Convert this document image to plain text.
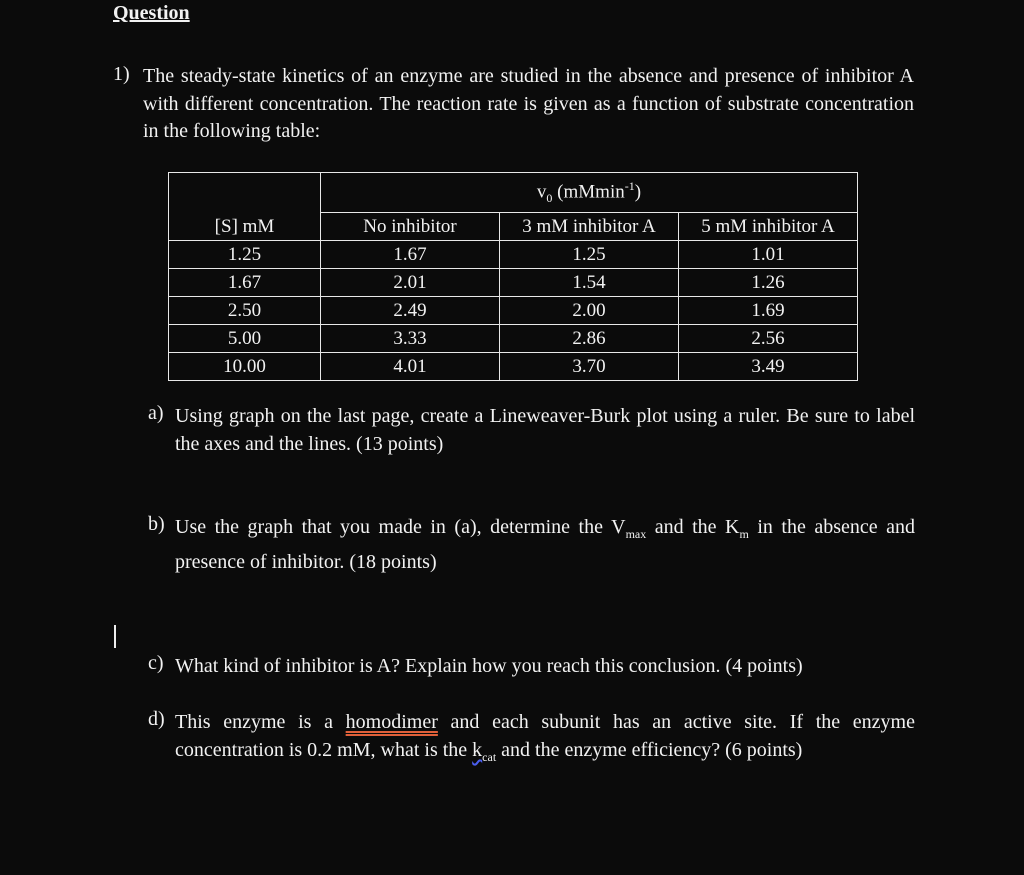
Question
1) The steady-state kinetics of an enzyme are studied in the absence and presence of inhibitor A with different concentration. The reaction rate is given as a function of substrate concentration in the following table:
[S] mM	$v_0$ (mMmin$^{-1}$)		
	No inhibitor	3 mM inhibitor A	5 mM inhibitor A
1.25	1.67	1.25	1.01
1.67	2.01	1.54	1.26
2.50	2.49	2.00	1.69
5.00	3.33	2.86	2.56
10.00	4.01	3.70	3.49
a) Using graph on the last page, create a Lineweaver-Burk plot using a ruler. Be sure to label the axes and the lines. (13 points)
b) Use the graph that you made in (a), determine the $V_{max}$ and the $K_m$ in the absence and presence of inhibitor. (18 points)
c) What kind of inhibitor is A? Explain how you reach this conclusion. (4 points)
d) This enzyme is a homodimer and each subunit has an active site. If the enzyme concentration is 0.2 mM, what is the $k_{cat}$ and the enzyme efficiency? (6 points)
